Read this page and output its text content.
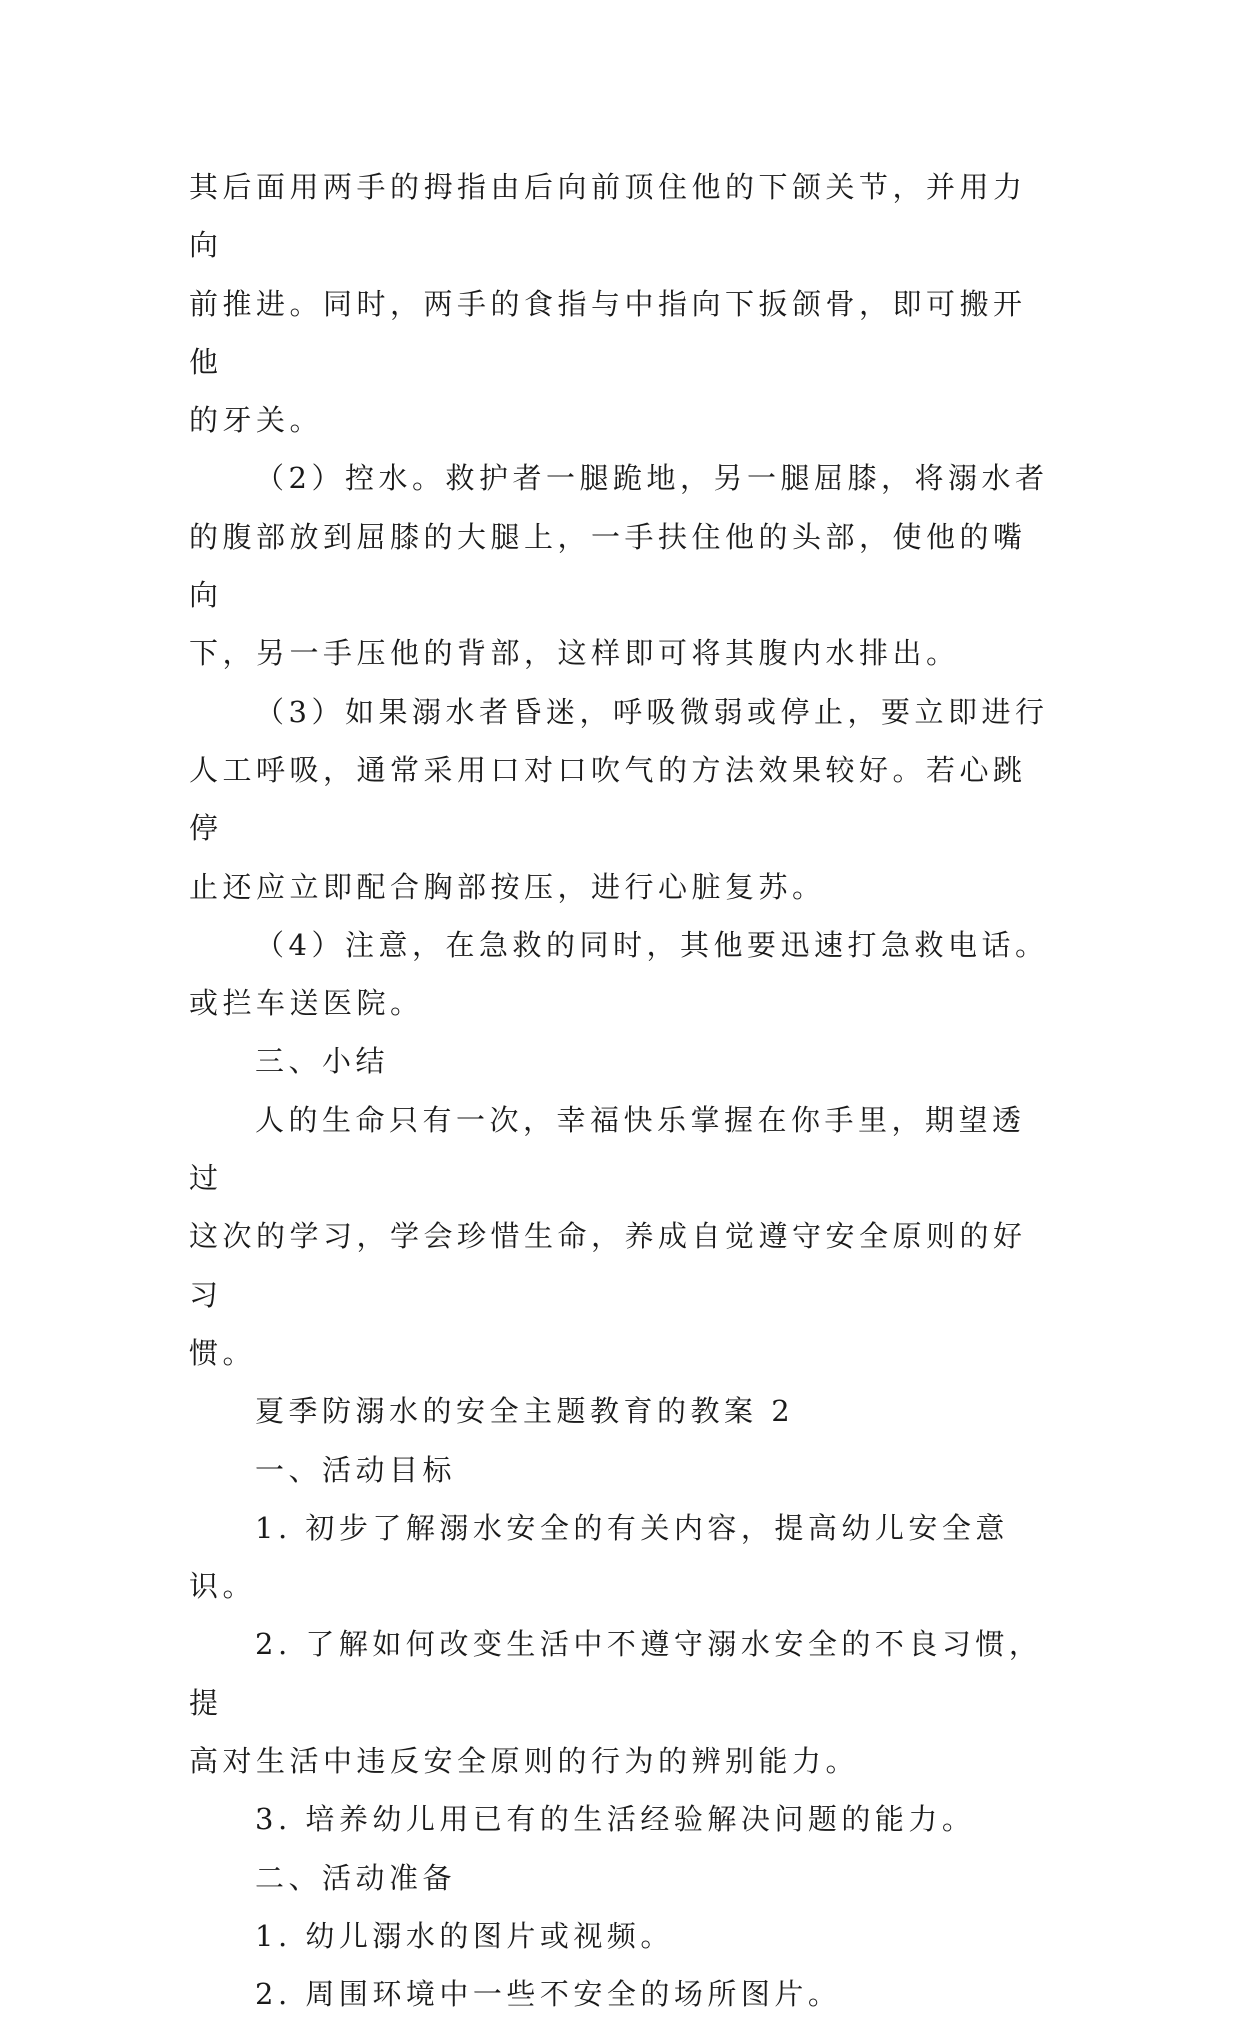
其后面用两手的拇指由后向前顶住他的下颌关节，并用力向
前推进。同时，两手的食指与中指向下扳颌骨，即可搬开他
的牙关。

（2）控水。救护者一腿跪地，另一腿屈膝，将溺水者
的腹部放到屈膝的大腿上，一手扶住他的头部，使他的嘴向
下，另一手压他的背部，这样即可将其腹内水排出。

（3）如果溺水者昏迷，呼吸微弱或停止，要立即进行
人工呼吸，通常采用口对口吹气的方法效果较好。若心跳停
止还应立即配合胸部按压，进行心脏复苏。

（4）注意，在急救的同时，其他要迅速打急救电话。
或拦车送医院。

三、小结

人的生命只有一次，幸福快乐掌握在你手里，期望透过
这次的学习，学会珍惜生命，养成自觉遵守安全原则的好习
惯。

夏季防溺水的安全主题教育的教案 2

一、活动目标

1. 初步了解溺水安全的有关内容，提高幼儿安全意识。

2. 了解如何改变生活中不遵守溺水安全的不良习惯，提
高对生活中违反安全原则的行为的辨别能力。

3. 培养幼儿用已有的生活经验解决问题的能力。

二、活动准备

1. 幼儿溺水的图片或视频。

2. 周围环境中一些不安全的场所图片。
